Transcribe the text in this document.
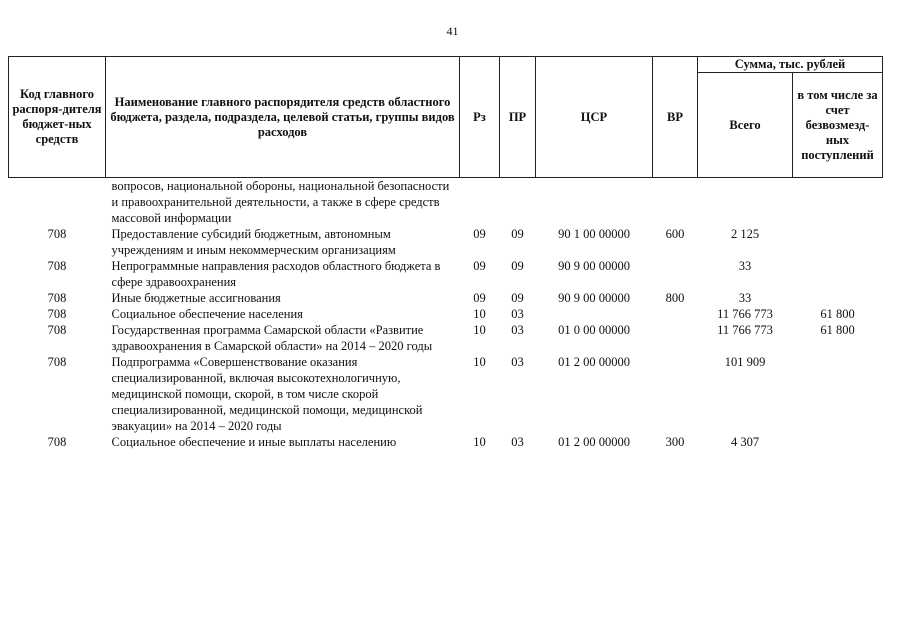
41
Код главного распоря-дителя бюджет-ных средств	Наименование главного распорядителя средств областного бюджета, раздела, подраздела, целевой статьи, группы видов расходов	Рз	ПР	ЦСР	ВР	Сумма, тыс. рублей	
						Всего	в том числе за счет безвозмезд-ных поступлений
	вопросов, национальной обороны, национальной безопасности и правоохранительной деятельности, а также в сфере средств массовой информации						
708	Предоставление субсидий бюджетным, автономным учреждениям и иным некоммерческим организациям	09	09	90 1 00 00000	600	2 125	
708	Непрограммные направления расходов областного бюджета в сфере здравоохранения	09	09	90 9 00 00000		33	
708	Иные бюджетные ассигнования	09	09	90 9 00 00000	800	33	
708	Социальное обеспечение населения	10	03			11 766 773	61 800
708	Государственная программа Самарской области «Развитие здравоохранения в Самарской области» на 2014 – 2020 годы	10	03	01 0 00 00000		11 766 773	61 800
708	Подпрограмма «Совершенствование оказания специализированной, включая высокотехнологичную, медицинской помощи, скорой, в том числе скорой специализированной, медицинской помощи, медицинской эвакуации» на 2014 – 2020 годы	10	03	01 2 00 00000		101 909	
708	Социальное обеспечение и иные выплаты населению	10	03	01 2 00 00000	300	4 307	
